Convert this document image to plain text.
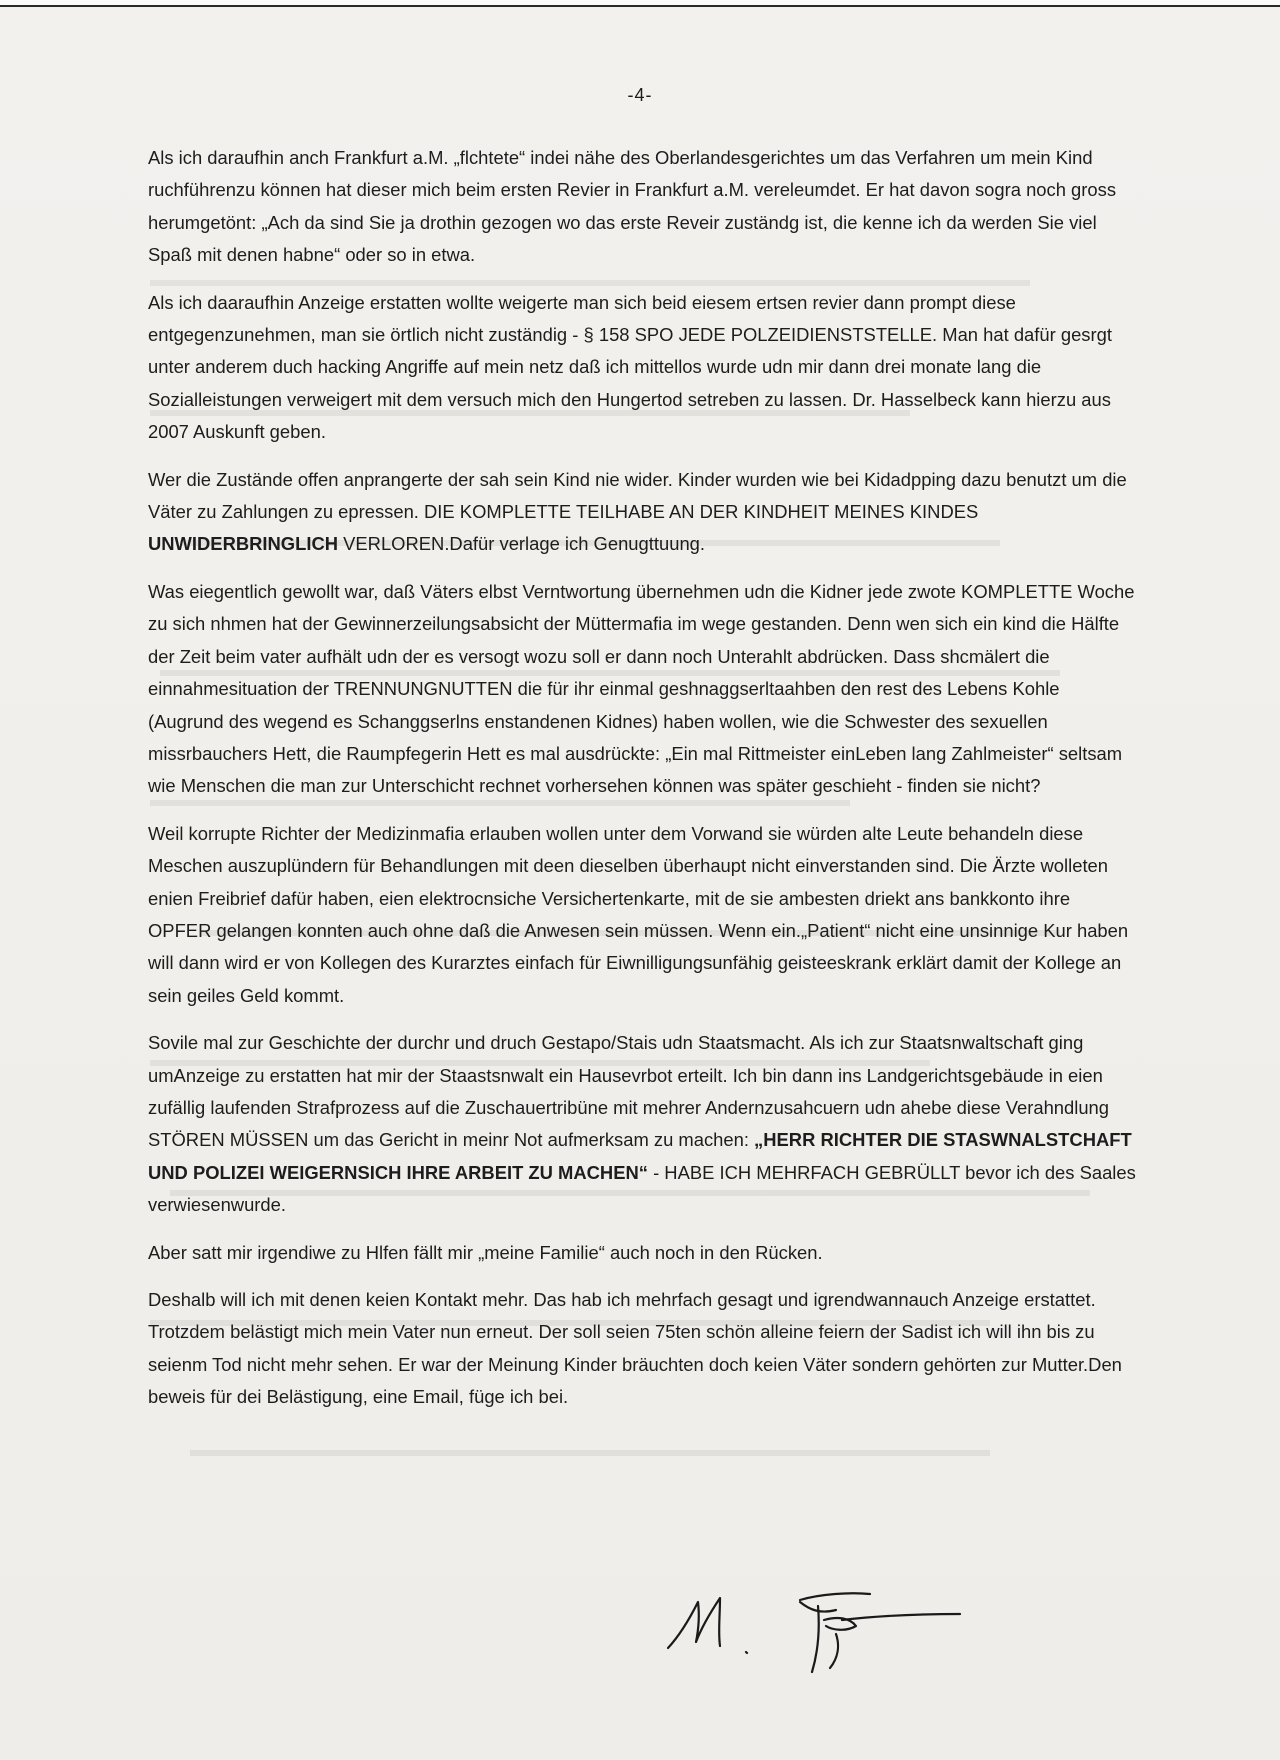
-4-

Als ich daraufhin anch Frankfurt a.M. „flchtete“ indei nähe des Oberlandesgerichtes um das Verfahren um mein Kind ruchführenzu können hat dieser mich beim ersten Revier in Frankfurt a.M. vereleumdet. Er hat davon sogra noch gross herumgetönt: „Ach da sind Sie ja drothin gezogen wo das erste Reveir zuständg ist, die kenne ich da werden Sie viel Spaß mit denen habne“ oder so in etwa.

Als ich daaraufhin Anzeige erstatten wollte weigerte man sich beid eiesem ertsen revier dann prompt diese entgegenzunehmen, man sie örtlich nicht zuständig - § 158 SPO JEDE POLZEIDIENSTSTELLE. Man hat dafür gesrgt unter anderem duch hacking Angriffe auf mein netz daß ich mittellos wurde udn mir dann drei monate lang die Sozialleistungen verweigert mit dem versuch mich den Hungertod setreben zu lassen. Dr. Hasselbeck kann hierzu aus 2007 Auskunft geben.

Wer die Zustände offen anprangerte der sah sein Kind nie wider. Kinder wurden wie bei Kidadpping dazu benutzt um die Väter zu Zahlungen zu epressen. DIE KOMPLETTE TEILHABE AN DER KINDHEIT MEINES KINDES UNWIDERBRINGLICH VERLOREN.Dafür verlage ich Genugttuung.

Was eiegentlich gewollt war, daß Väters elbst Verntwortung übernehmen udn die Kidner jede zwote KOMPLETTE Woche zu sich nhmen hat der Gewinnerzeilungsabsicht der Müttermafia im wege gestanden. Denn wen sich ein kind die Hälfte der Zeit beim vater aufhält udn der es versogt wozu soll er dann noch Unterahlt abdrücken. Dass shcmälert die einnahmesituation der TRENNUNGNUTTEN die für ihr einmal geshnaggserltaahben den rest des Lebens Kohle (Augrund des wegend es Schanggserlns enstandenen Kidnes) haben wollen, wie die Schwester des sexuellen missrbauchers Hett, die Raumpfegerin Hett es mal ausdrückte: „Ein mal Rittmeister einLeben lang Zahlmeister“ seltsam wie Menschen die man zur Unterschicht rechnet vorhersehen können was später geschieht - finden sie nicht?

Weil korrupte Richter der Medizinmafia erlauben wollen unter dem Vorwand sie würden alte Leute behandeln diese Meschen auszuplündern für Behandlungen mit deen dieselben überhaupt nicht einverstanden sind. Die Ärzte wolleten enien Freibrief dafür haben, eien elektrocnsiche Versichertenkarte, mit de sie ambesten driekt ans bankkonto ihre OPFER gelangen konnten auch ohne daß die Anwesen sein müssen. Wenn ein.„Patient“ nicht eine unsinnige Kur haben will dann wird er von Kollegen des Kurarztes einfach für Eiwnilligungsunfähig geisteeskrank erklärt damit der Kollege an sein geiles Geld kommt.

Sovile mal zur Geschichte der durchr und druch Gestapo/Stais udn Staatsmacht. Als ich zur Staatsnwaltschaft ging umAnzeige zu erstatten hat mir der Staastsnwalt ein Hausevrbot erteilt. Ich bin dann ins Landgerichtsgebäude in eien zufällig laufenden Strafprozess auf die Zuschauertribüne mit mehrer Andernzusahcuern udn ahebe diese Verahndlung STÖREN MÜSSEN um das Gericht in meinr Not aufmerksam zu machen: „HERR RICHTER DIE STASWNALSTCHAFT UND POLIZEI WEIGERNSICH IHRE ARBEIT ZU MACHEN“ - HABE ICH MEHRFACH GEBRÜLLT bevor ich des Saales verwiesenwurde.

Aber satt mir irgendiwe zu Hlfen fällt mir „meine Familie“ auch noch in den Rücken.

Deshalb will ich mit denen keien Kontakt mehr. Das hab ich mehrfach gesagt und igrendwannauch Anzeige erstattet. Trotzdem belästigt mich mein Vater nun erneut. Der soll seien 75ten schön alleine feiern der Sadist ich will ihn bis zu seienm Tod nicht mehr sehen. Er war der Meinung Kinder bräuchten doch keien Väter sondern gehörten zur Mutter.Den beweis für dei Belästigung, eine Email, füge ich bei.
